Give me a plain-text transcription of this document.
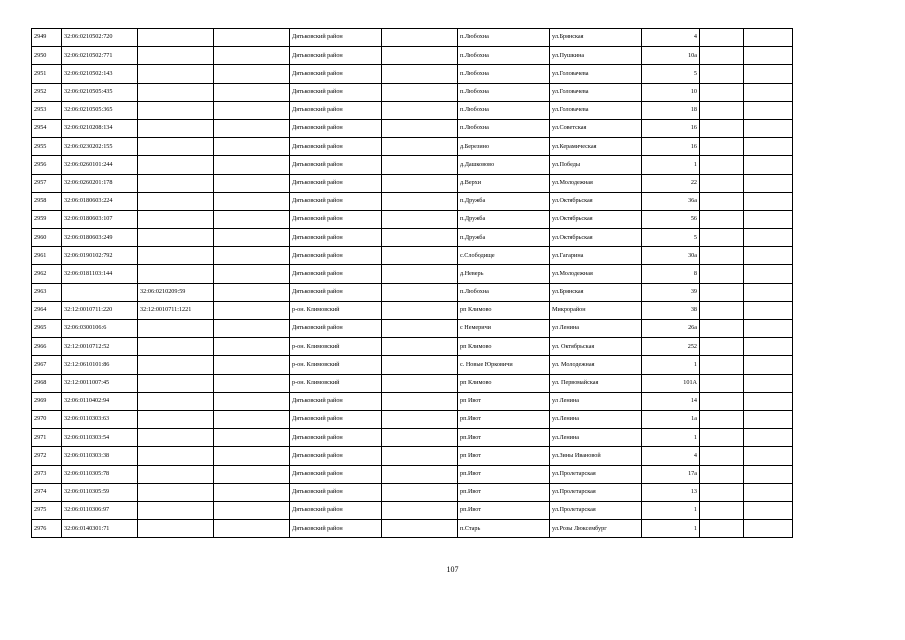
2949	32:06:0210502:720			Дятьковский район		п.Любохна	ул.Брянская	4		
2950	32:06:0210502:771			Дятьковский район		п.Любохна	ул.Пушкина	10а		
2951	32:06:0210502:143			Дятьковский район		п.Любохна	ул.Головачева	5		
2952	32:06:0210505:435			Дятьковский район		п.Любохна	ул.Головачева	10		
2953	32:06:0210505:365			Дятьковский район		п.Любохна	ул.Головачева	18		
2954	32:06:0210208:134			Дятьковский район		п.Любохна	ул.Советская	16		
2955	32:06:0230202:155			Дятьковский район		д.Березино	ул.Керамическая	16		
2956	32:06:0260101:244			Дятьковский район		д.Дашковово	ул.Победы	1		
2957	32:06:0260201:178			Дятьковский район		д.Верхи	ул.Молодежная	22		
2958	32:06:0180603:224			Дятьковский район		п.Дружба	ул.Октябрьская	36а		
2959	32:06:0180603:107			Дятьковский район		п.Дружба	ул.Октябрьская	56		
2960	32:06:0180603:249			Дятьковский район		п.Дружба	ул.Октябрьская	5		
2961	32:06:0190102:792			Дятьковский район		с.Слободище	ул.Гагарина	30а		
2962	32:06:0181103:144			Дятьковский район		д.Неверь	ул.Молодежная	8		
2963		32:06:0210209:59		Дятьковский район		п.Любохна	ул.Брянская	39		
2964	32:12:0010711:220	32:12:0010711:1221		р-он. Климовский		рп Климово	Микрорайон	38		
2965	32:06:0300106:6			Дятьковский район		с Немеричи	ул Ленина	26а		
2966	32:12:0010712:52			р-он. Климовский		рп Климово	ул. Октябрьская	252		
2967	32:12:0610101:86			р-он. Климовский		с. Новые Юрковичи	ул. Молодежная	1		
2968	32:12:0011007:45			р-он. Климовский		рп Климово	ул. Первомайская	101А		
2969	32:06:0110402:94			Дятьковский район		рп Ивот	ул Ленина	14		
2970	32:06:0110303:63			Дятьковский район		рп.Ивот	ул.Ленина	1а		
2971	32:06:0110303:54			Дятьковский район		рп.Ивот	ул.Ленина	1		
2972	32:06:0110303:38			Дятьковский район		рп Ивот	ул.Зины Ивановой	4		
2973	32:06:0110305:78			Дятьковский район		рп.Ивот	ул.Пролетарская	17а		
2974	32:06:0110305:59			Дятьковский район		рп.Ивот	ул.Пролетарская	13		
2975	32:06:0110306:97			Дятьковский район		рп.Ивот	ул.Пролетарская	1		
2976	32:06:0140301:71			Дятьковский район		п.Старь	ул.Розы Люксембург	1		
107
